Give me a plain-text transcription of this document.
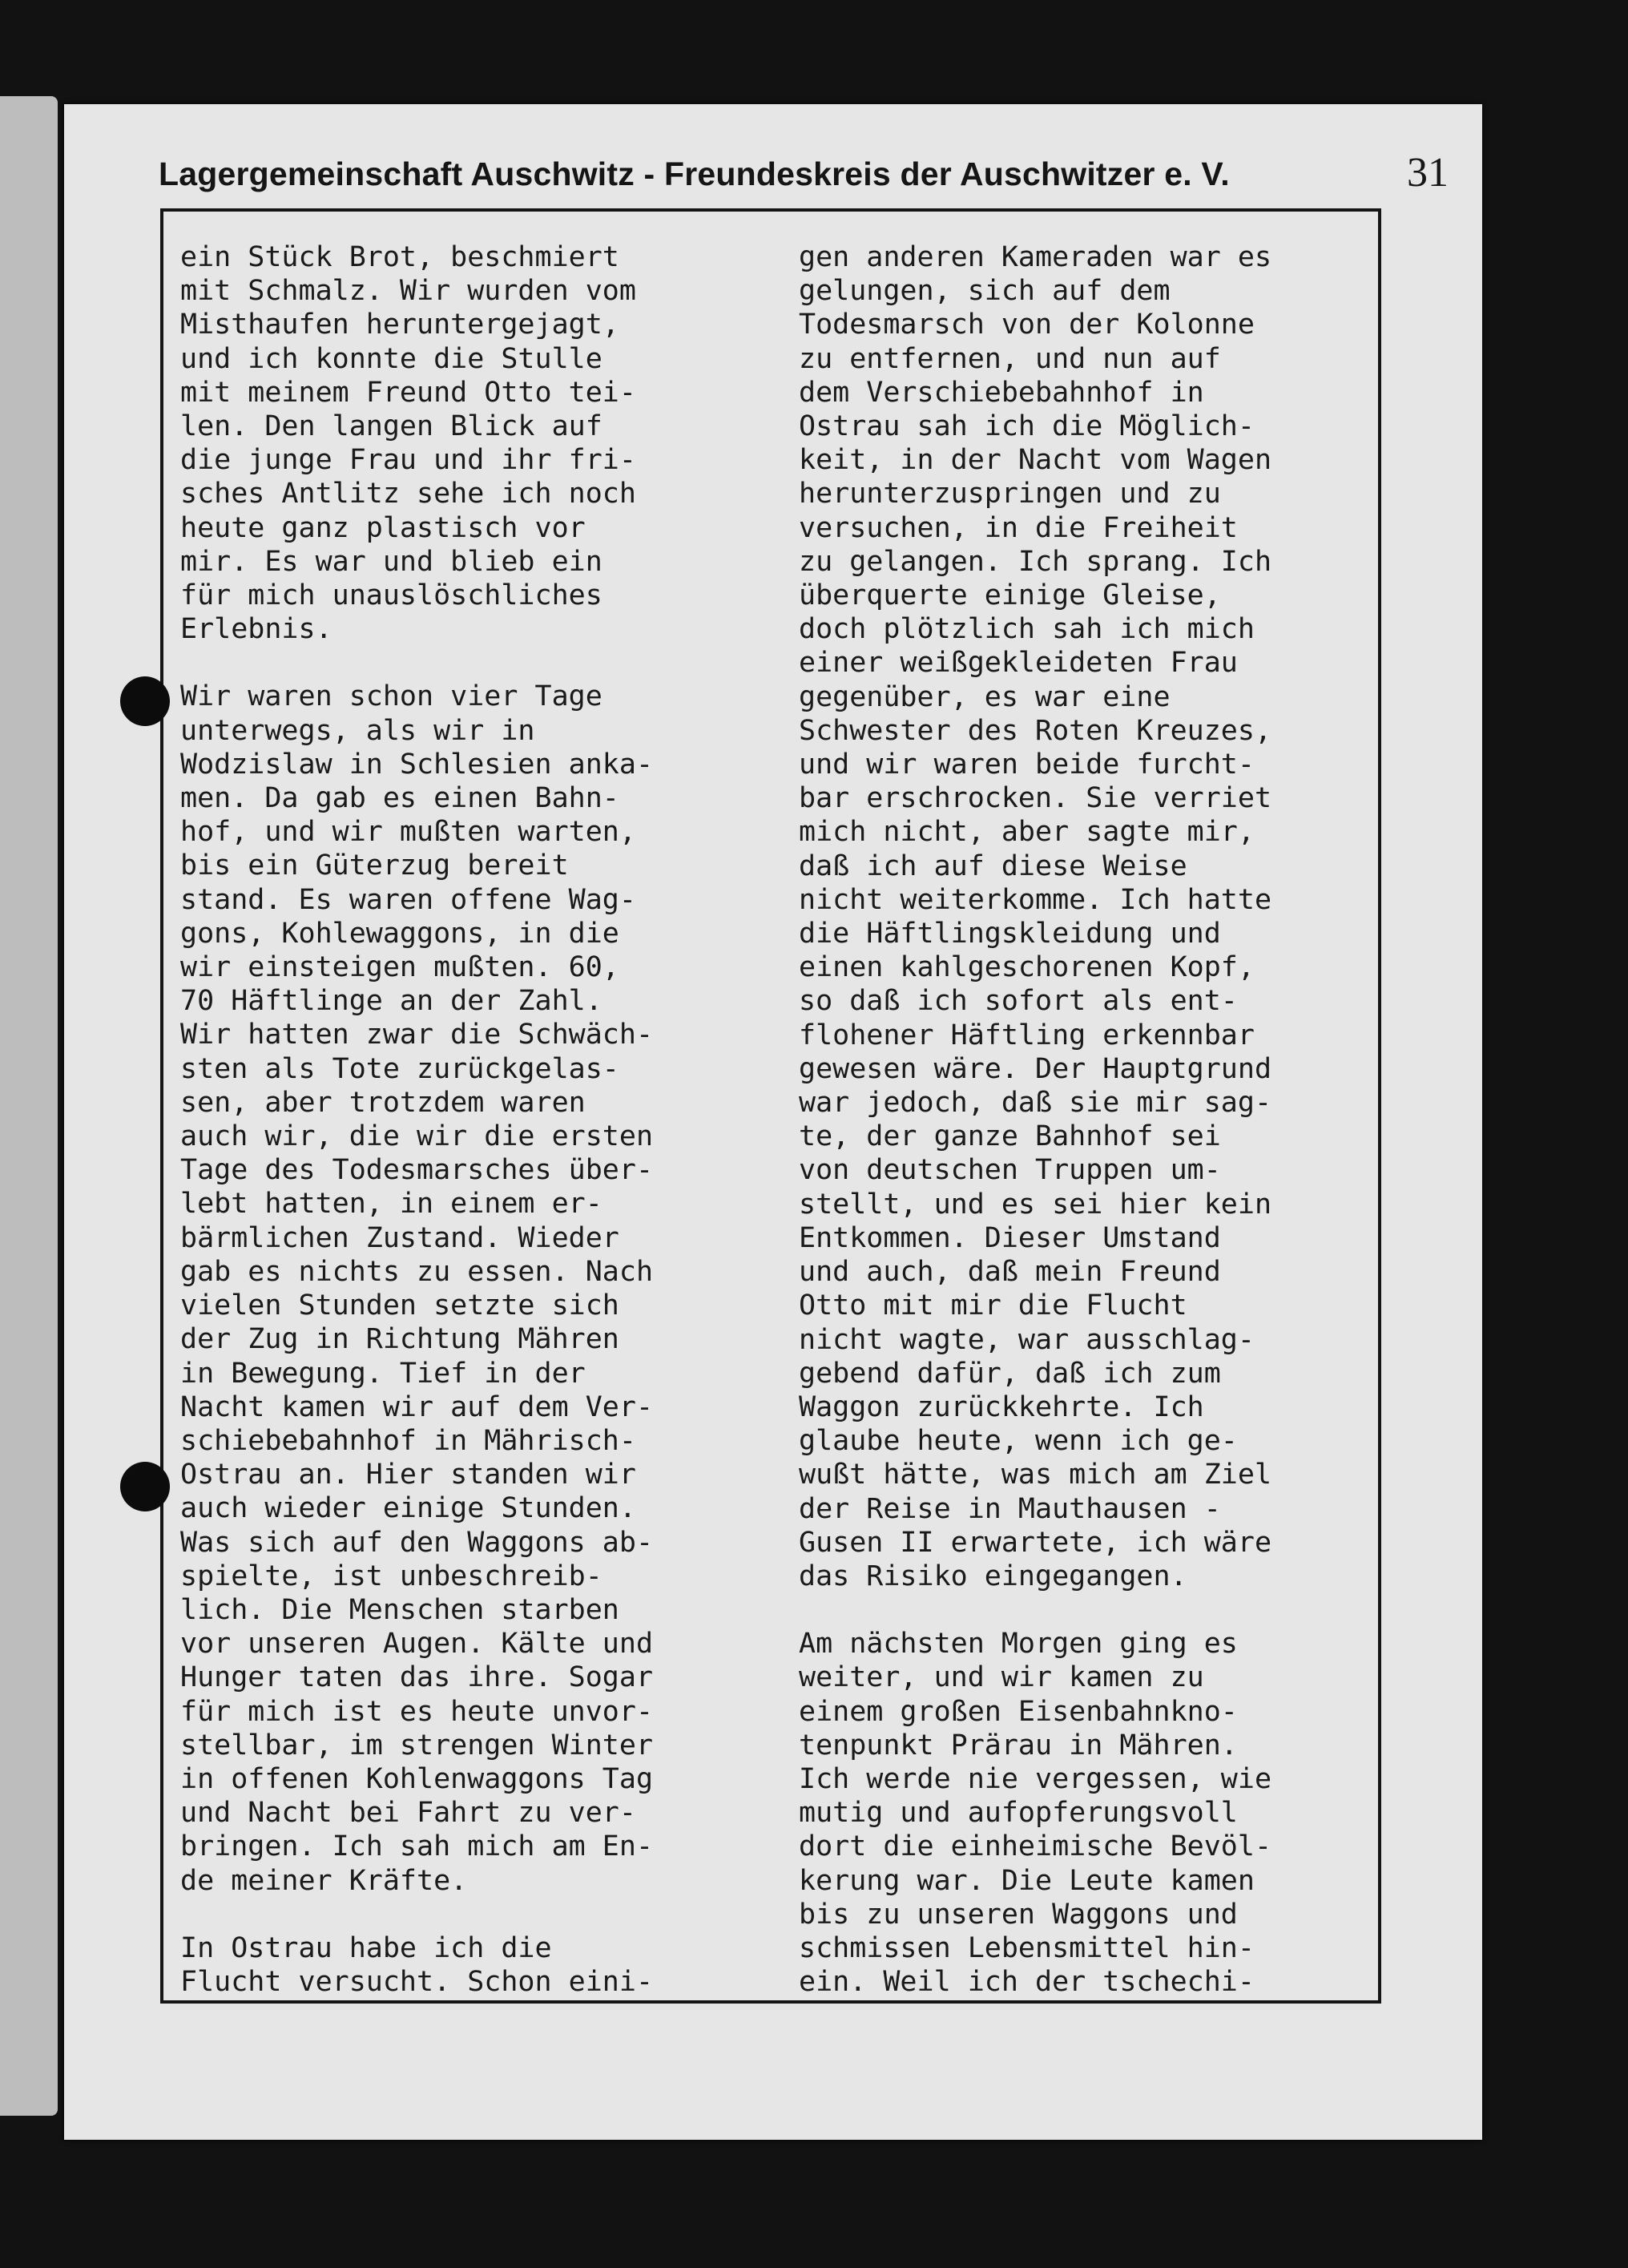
Lagergemeinschaft Auschwitz - Freundeskreis der Auschwitzer e. V.	31

ein Stück Brot, beschmiert
mit Schmalz. Wir wurden vom
Misthaufen heruntergejagt,
und ich konnte die Stulle
mit meinem Freund Otto tei-
len. Den langen Blick auf
die junge Frau und ihr fri-
sches Antlitz sehe ich noch
heute ganz plastisch vor
mir. Es war und blieb ein
für mich unauslöschliches
Erlebnis.

Wir waren schon vier Tage
unterwegs, als wir in
Wodzislaw in Schlesien anka-
men. Da gab es einen Bahn-
hof, und wir mußten warten,
bis ein Güterzug bereit
stand. Es waren offene Wag-
gons, Kohlewaggons, in die
wir einsteigen mußten. 60,
70 Häftlinge an der Zahl.
Wir hatten zwar die Schwäch-
sten als Tote zurückgelas-
sen, aber trotzdem waren
auch wir, die wir die ersten
Tage des Todesmarsches über-
lebt hatten, in einem er-
bärmlichen Zustand. Wieder
gab es nichts zu essen. Nach
vielen Stunden setzte sich
der Zug in Richtung Mähren
in Bewegung. Tief in der
Nacht kamen wir auf dem Ver-
schiebebahnhof in Mährisch-
Ostrau an. Hier standen wir
auch wieder einige Stunden.
Was sich auf den Waggons ab-
spielte, ist unbeschreib-
lich. Die Menschen starben
vor unseren Augen. Kälte und
Hunger taten das ihre. Sogar
für mich ist es heute unvor-
stellbar, im strengen Winter
in offenen Kohlenwaggons Tag
und Nacht bei Fahrt zu ver-
bringen. Ich sah mich am En-
de meiner Kräfte.

In Ostrau habe ich die
Flucht versucht. Schon eini-

gen anderen Kameraden war es
gelungen, sich auf dem
Todesmarsch von der Kolonne
zu entfernen, und nun auf
dem Verschiebebahnhof in
Ostrau sah ich die Möglich-
keit, in der Nacht vom Wagen
herunterzuspringen und zu
versuchen, in die Freiheit
zu gelangen. Ich sprang. Ich
überquerte einige Gleise,
doch plötzlich sah ich mich
einer weißgekleideten Frau
gegenüber, es war eine
Schwester des Roten Kreuzes,
und wir waren beide furcht-
bar erschrocken. Sie verriet
mich nicht, aber sagte mir,
daß ich auf diese Weise
nicht weiterkomme. Ich hatte
die Häftlingskleidung und
einen kahlgeschorenen Kopf,
so daß ich sofort als ent-
flohener Häftling erkennbar
gewesen wäre. Der Hauptgrund
war jedoch, daß sie mir sag-
te, der ganze Bahnhof sei
von deutschen Truppen um-
stellt, und es sei hier kein
Entkommen. Dieser Umstand
und auch, daß mein Freund
Otto mit mir die Flucht
nicht wagte, war ausschlag-
gebend dafür, daß ich zum
Waggon zurückkehrte. Ich
glaube heute, wenn ich ge-
wußt hätte, was mich am Ziel
der Reise in Mauthausen -
Gusen II erwartete, ich wäre
das Risiko eingegangen.

Am nächsten Morgen ging es
weiter, und wir kamen zu
einem großen Eisenbahnkno-
tenpunkt Prärau in Mähren.
Ich werde nie vergessen, wie
mutig und aufopferungsvoll
dort die einheimische Bevöl-
kerung war. Die Leute kamen
bis zu unseren Waggons und
schmissen Lebensmittel hin-
ein. Weil ich der tschechi-
